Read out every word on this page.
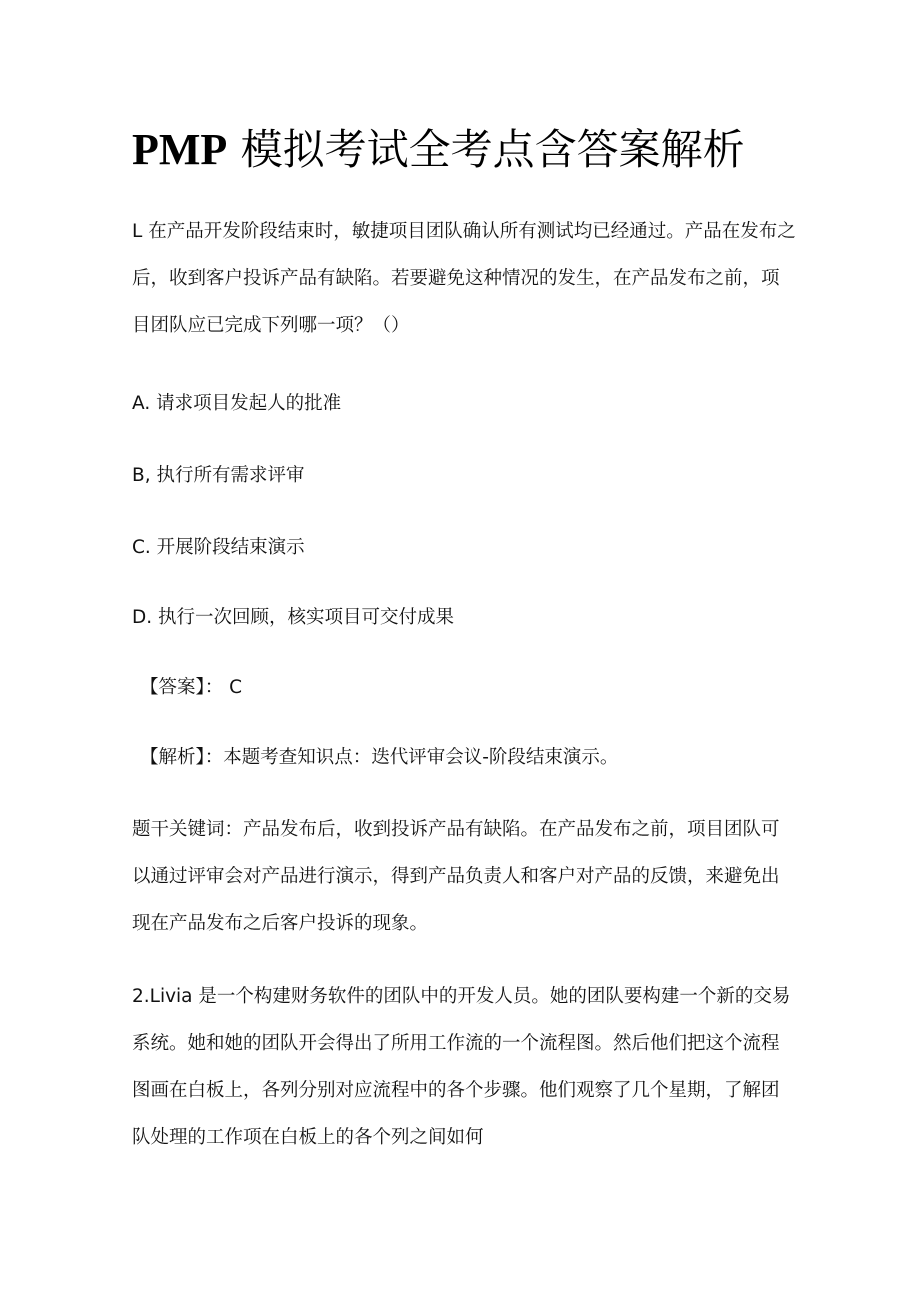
PMP 模拟考试全考点含答案解析

L 在产品开发阶段结束时，敏捷项目团队确认所有测试均已经通过。产品在发布之后，收到客户投诉产品有缺陷。若要避免这种情况的发生，在产品发布之前，项目团队应已完成下列哪一项？（）

A. 请求项目发起人的批准

B, 执行所有需求评审

C. 开展阶段结束演示

D. 执行一次回顾，核实项目可交付成果

【答案】： C

【解析】：本题考查知识点：迭代评审会议-阶段结束演示。

题干关键词：产品发布后，收到投诉产品有缺陷。在产品发布之前，项目团队可以通过评审会对产品进行演示，得到产品负责人和客户对产品的反馈，来避免出现在产品发布之后客户投诉的现象。

2.Livia 是一个构建财务软件的团队中的开发人员。她的团队要构建一个新的交易系统。她和她的团队开会得出了所用工作流的一个流程图。然后他们把这个流程图画在白板上，各列分别对应流程中的各个步骤。他们观察了几个星期，了解团队处理的工作项在白板上的各个列之间如何
